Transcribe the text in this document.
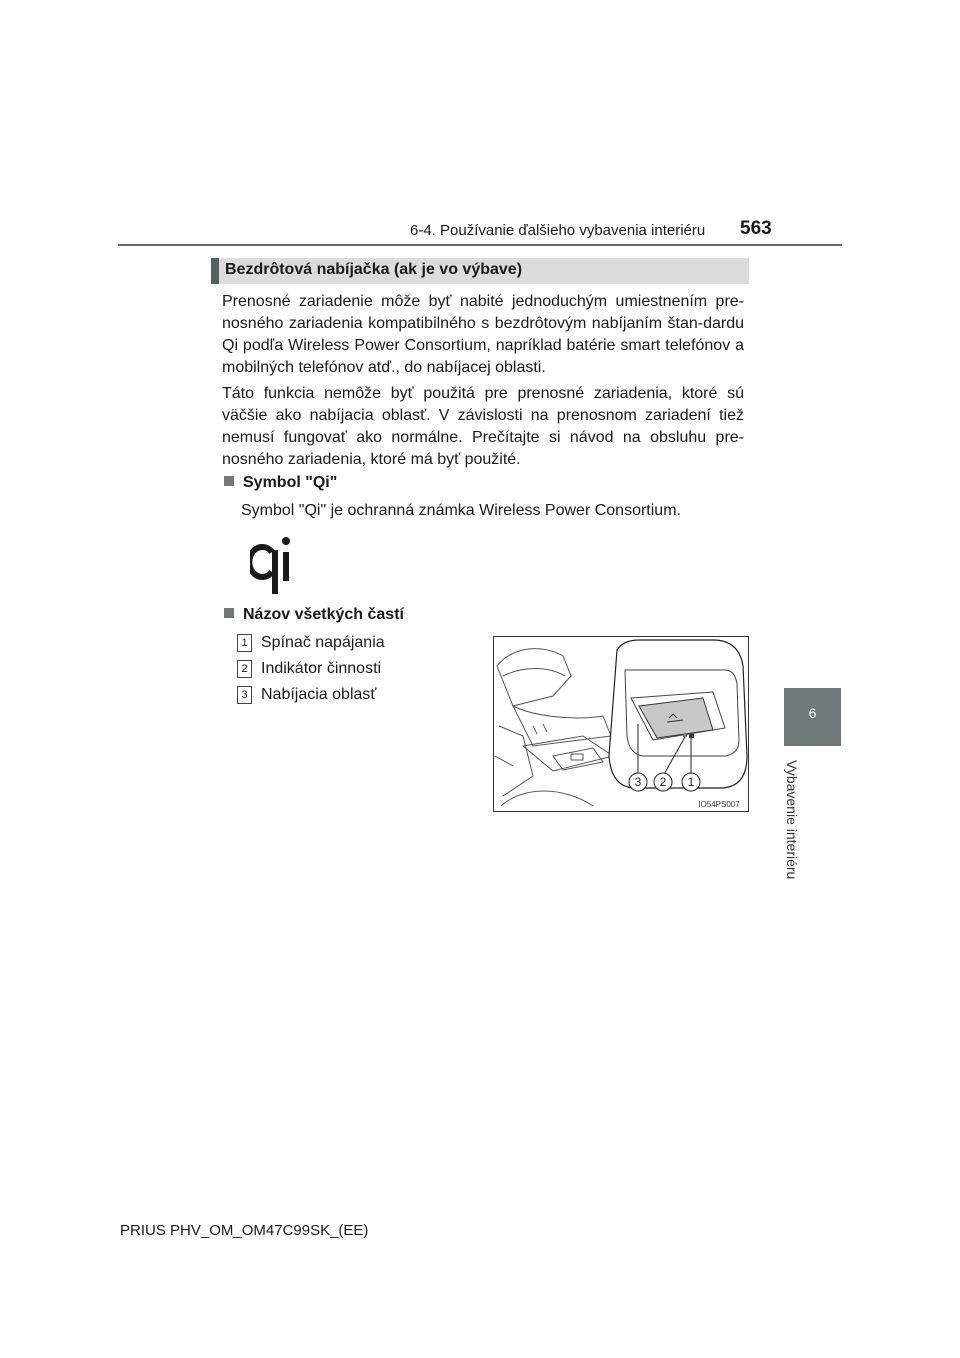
6-4. Používanie ďalšieho vybavenia interiéru 563
6
Vybavenie interiéru
Bezdrôtová nabíjačka (ak je vo výbave)

Prenosné zariadenie môže byť nabité jednoduchým umiestnením pre-nosného zariadenia kompatibilného s bezdrôtovým nabíjaním štan-dardu Qi podľa Wireless Power Consortium, napríklad batérie smart telefónov a mobilných telefónov atď., do nabíjacej oblasti.

Táto funkcia nemôže byť použitá pre prenosné zariadenia, ktoré sú väčšie ako nabíjacia oblasť. V závislosti na prenosnom zariadení tiež nemusí fungovať ako normálne. Prečítajte si návod na obsluhu pre-nosného zariadenia, ktoré má byť použité.

Symbol "Qi"
Symbol "Qi" je ochranná známka Wireless Power Consortium.
Názov všetkých častí
1 Spínač napájania
2 Indikátor činnosti
3 Nabíjacia oblasť
3 2 1
IO54PS007
PRIUS PHV_OM_OM47C99SK_(EE)
